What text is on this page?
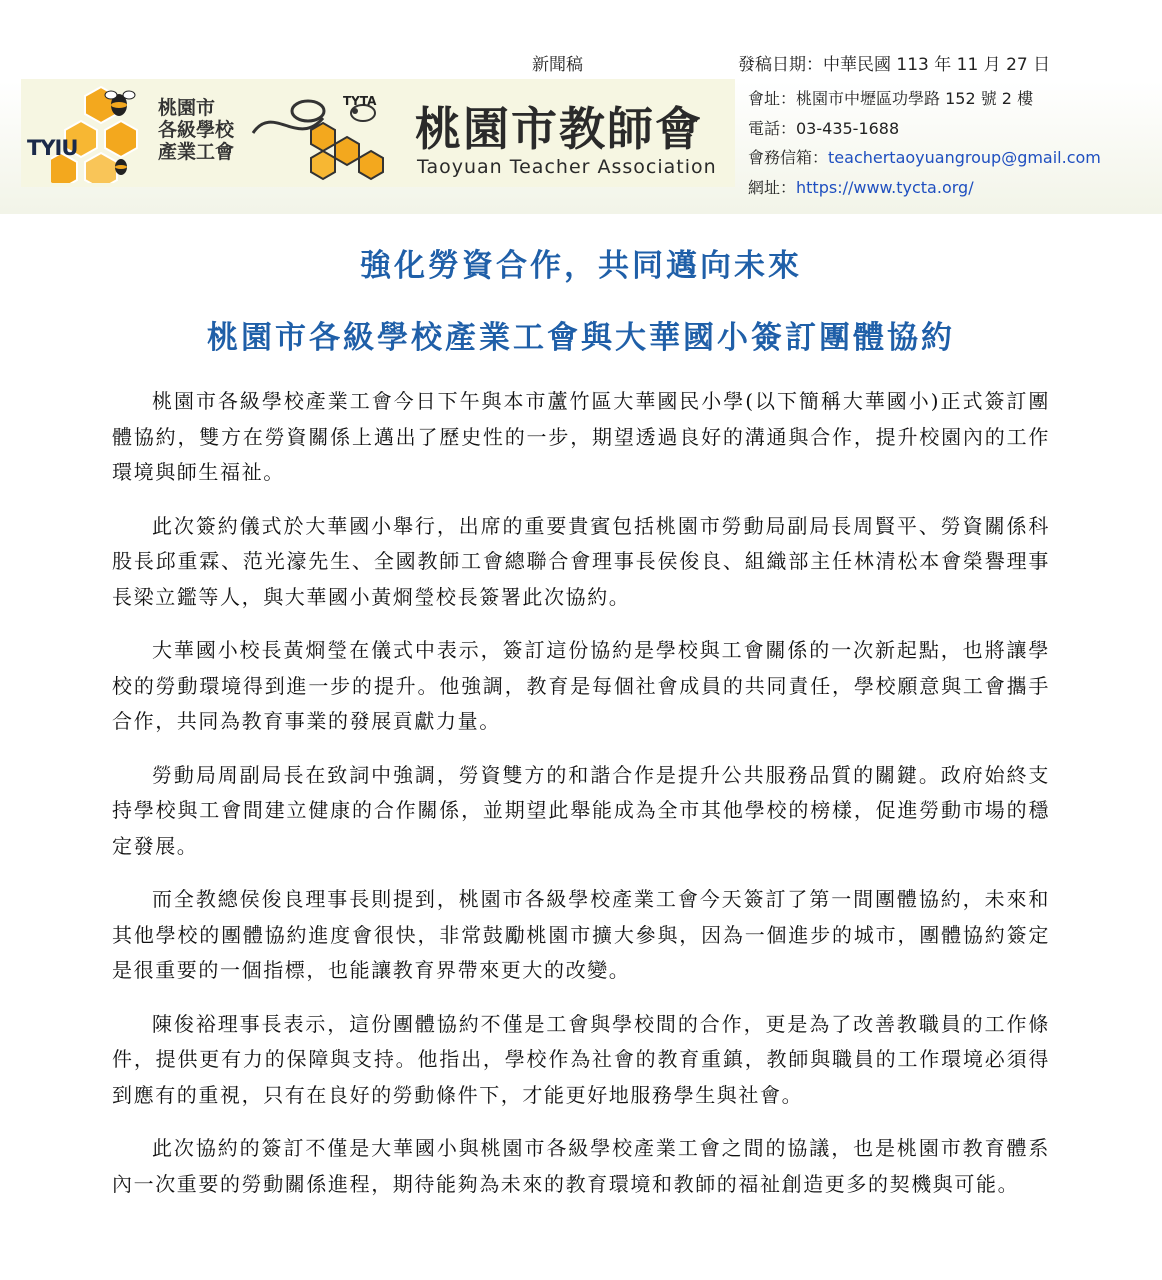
新聞稿	發稿日期：中華民國 113 年 11 月 27 日
TYIU
桃園市
各級學校
產業工會
TYTA
桃園市教師會
Taoyuan Teacher Association
會址：桃園市中壢區功學路 152 號 2 樓
電話：03-435-1688
會務信箱：teachertaoyuangroup@gmail.com
網址：https://www.tycta.org/
強化勞資合作，共同邁向未來
桃園市各級學校產業工會與大華國小簽訂團體協約

桃園市各級學校產業工會今日下午與本市蘆竹區大華國民小學(以下簡稱大華國小)正式簽訂團體協約，雙方在勞資關係上邁出了歷史性的一步，期望透過良好的溝通與合作，提升校園內的工作環境與師生福祉。

此次簽約儀式於大華國小舉行，出席的重要貴賓包括桃園市勞動局副局長周賢平、勞資關係科股長邱重霖、范光濠先生、全國教師工會總聯合會理事長侯俊良、組織部主任林清松本會榮譽理事長梁立鑑等人，與大華國小黃烱瑩校長簽署此次協約。

大華國小校長黃烱瑩在儀式中表示，簽訂這份協約是學校與工會關係的一次新起點，也將讓學校的勞動環境得到進一步的提升。他強調，教育是每個社會成員的共同責任，學校願意與工會攜手合作，共同為教育事業的發展貢獻力量。

勞動局周副局長在致詞中強調，勞資雙方的和諧合作是提升公共服務品質的關鍵。政府始終支持學校與工會間建立健康的合作關係，並期望此舉能成為全市其他學校的榜樣，促進勞動市場的穩定發展。

而全教總侯俊良理事長則提到，桃園市各級學校產業工會今天簽訂了第一間團體協約，未來和其他學校的團體協約進度會很快，非常鼓勵桃園市擴大參與，因為一個進步的城市，團體協約簽定是很重要的一個指標，也能讓教育界帶來更大的改變。

陳俊裕理事長表示，這份團體協約不僅是工會與學校間的合作，更是為了改善教職員的工作條件，提供更有力的保障與支持。他指出，學校作為社會的教育重鎮，教師與職員的工作環境必須得到應有的重視，只有在良好的勞動條件下，才能更好地服務學生與社會。

此次協約的簽訂不僅是大華國小與桃園市各級學校產業工會之間的協議，也是桃園市教育體系內一次重要的勞動關係進程，期待能夠為未來的教育環境和教師的福祉創造更多的契機與可能。
